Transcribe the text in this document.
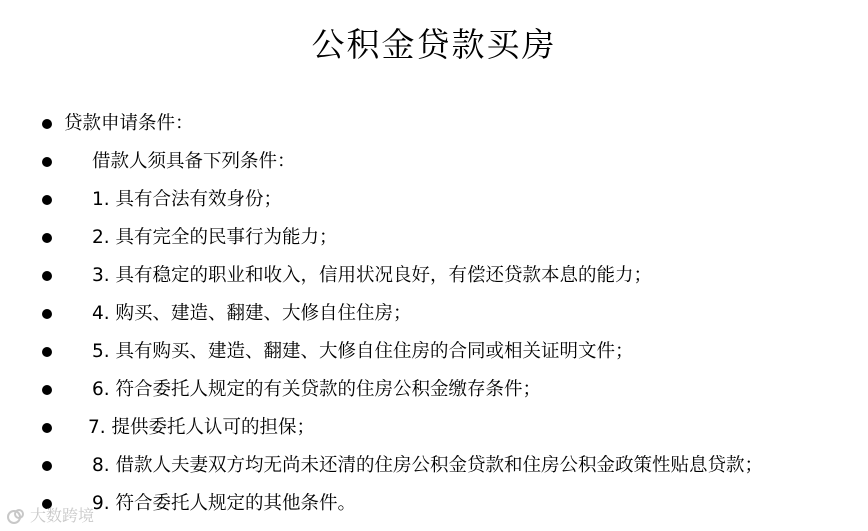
公积金贷款买房
贷款申请条件：
借款人须具备下列条件：
1. 具有合法有效身份；
2. 具有完全的民事行为能力；
3. 具有稳定的职业和收入，信用状况良好，有偿还贷款本息的能力；
4. 购买、建造、翻建、大修自住住房；
5. 具有购买、建造、翻建、大修自住住房的合同或相关证明文件；
6. 符合委托人规定的有关贷款的住房公积金缴存条件；
7. 提供委托人认可的担保；
8. 借款人夫妻双方均无尚未还清的住房公积金贷款和住房公积金政策性贴息贷款；
9. 符合委托人规定的其他条件。
大数跨境
